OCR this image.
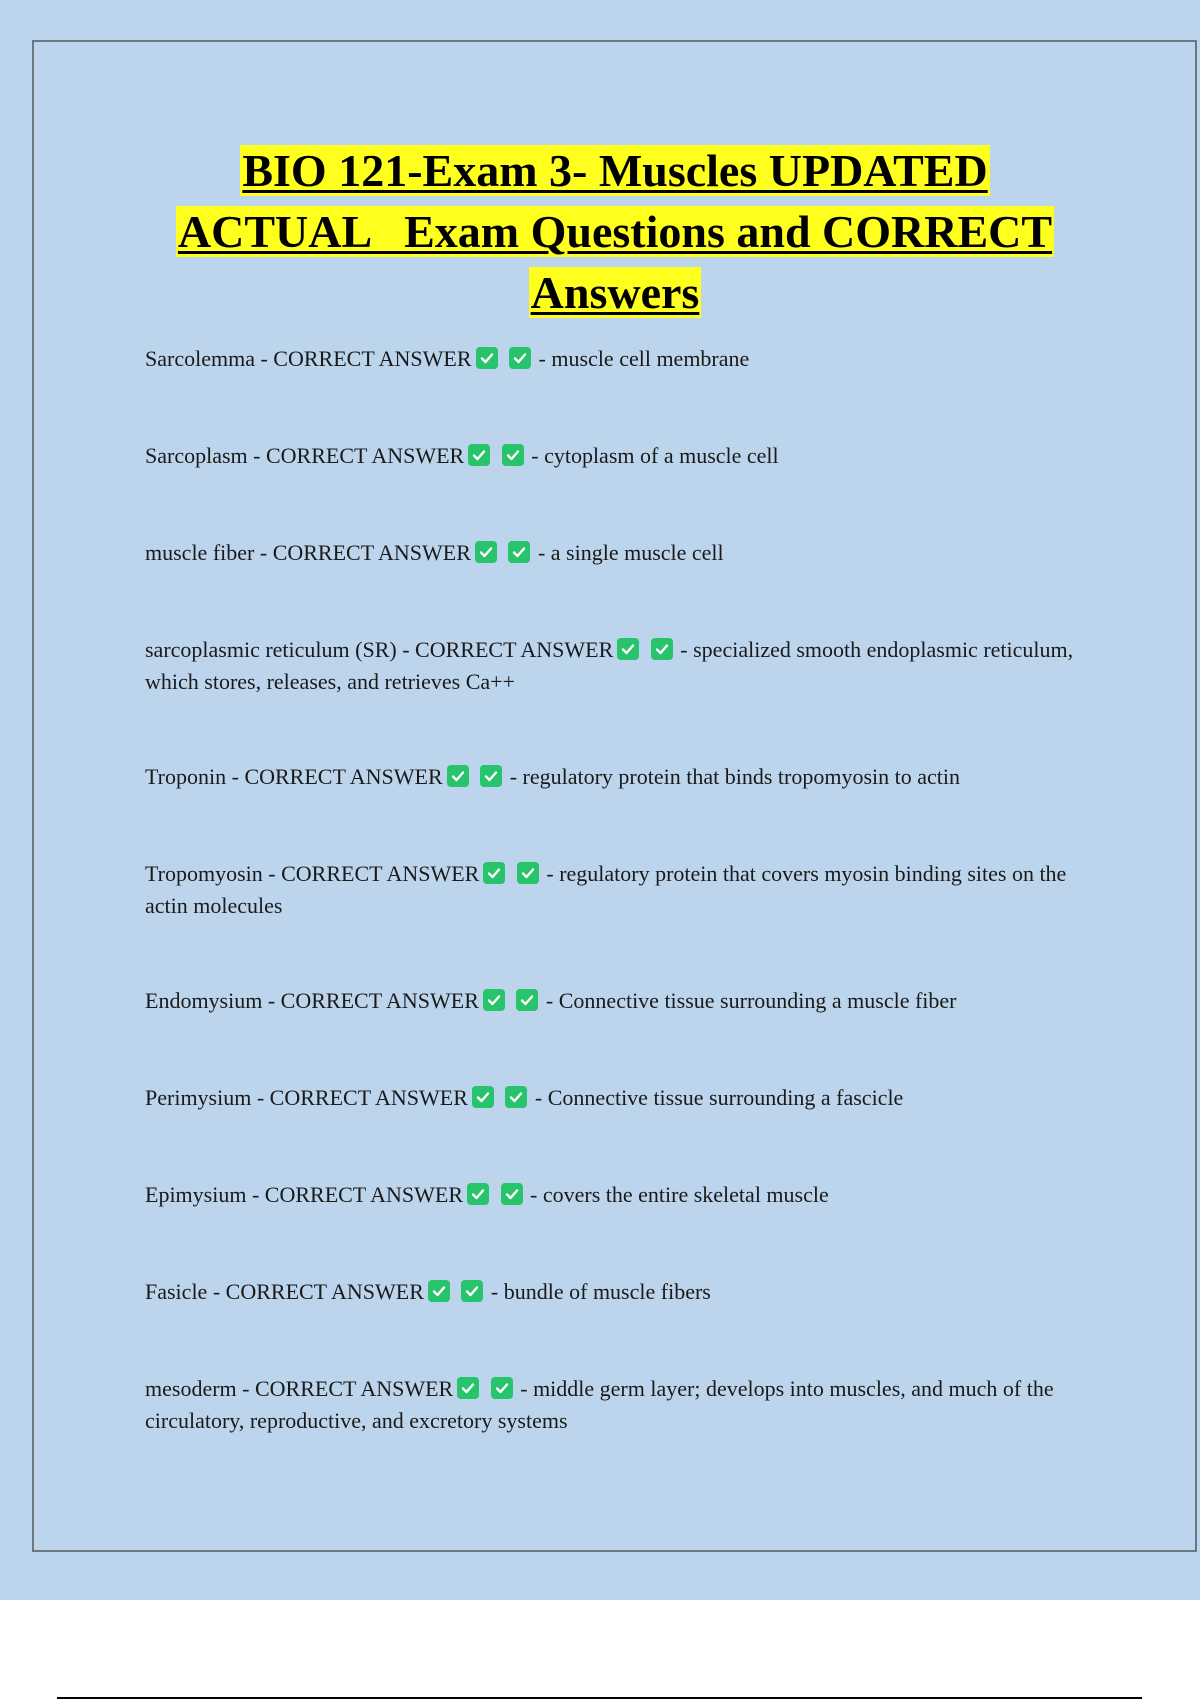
BIO 121-Exam 3- Muscles UPDATED
ACTUAL   Exam Questions and CORRECT
Answers
Sarcolemma - CORRECT ANSWER
	- muscle cell membrane
Sarcoplasm - CORRECT ANSWER
	- cytoplasm of a muscle cell
muscle fiber - CORRECT ANSWER
	- a single muscle cell
sarcoplasmic reticulum (SR) - CORRECT ANSWER
	- specialized smooth endoplasmic reticulum, which stores, releases, and retrieves Ca++
Troponin - CORRECT ANSWER
	- regulatory protein that binds tropomyosin to actin
Tropomyosin - CORRECT ANSWER
	- regulatory protein that covers myosin binding sites on the actin molecules
Endomysium - CORRECT ANSWER
	- Connective tissue surrounding a muscle fiber
Perimysium - CORRECT ANSWER
	- Connective tissue surrounding a fascicle
Epimysium - CORRECT ANSWER
	- covers the entire skeletal muscle
Fasicle - CORRECT ANSWER
	- bundle of muscle fibers
mesoderm - CORRECT ANSWER
	- middle germ layer; develops into muscles, and much of the circulatory, reproductive, and excretory systems
